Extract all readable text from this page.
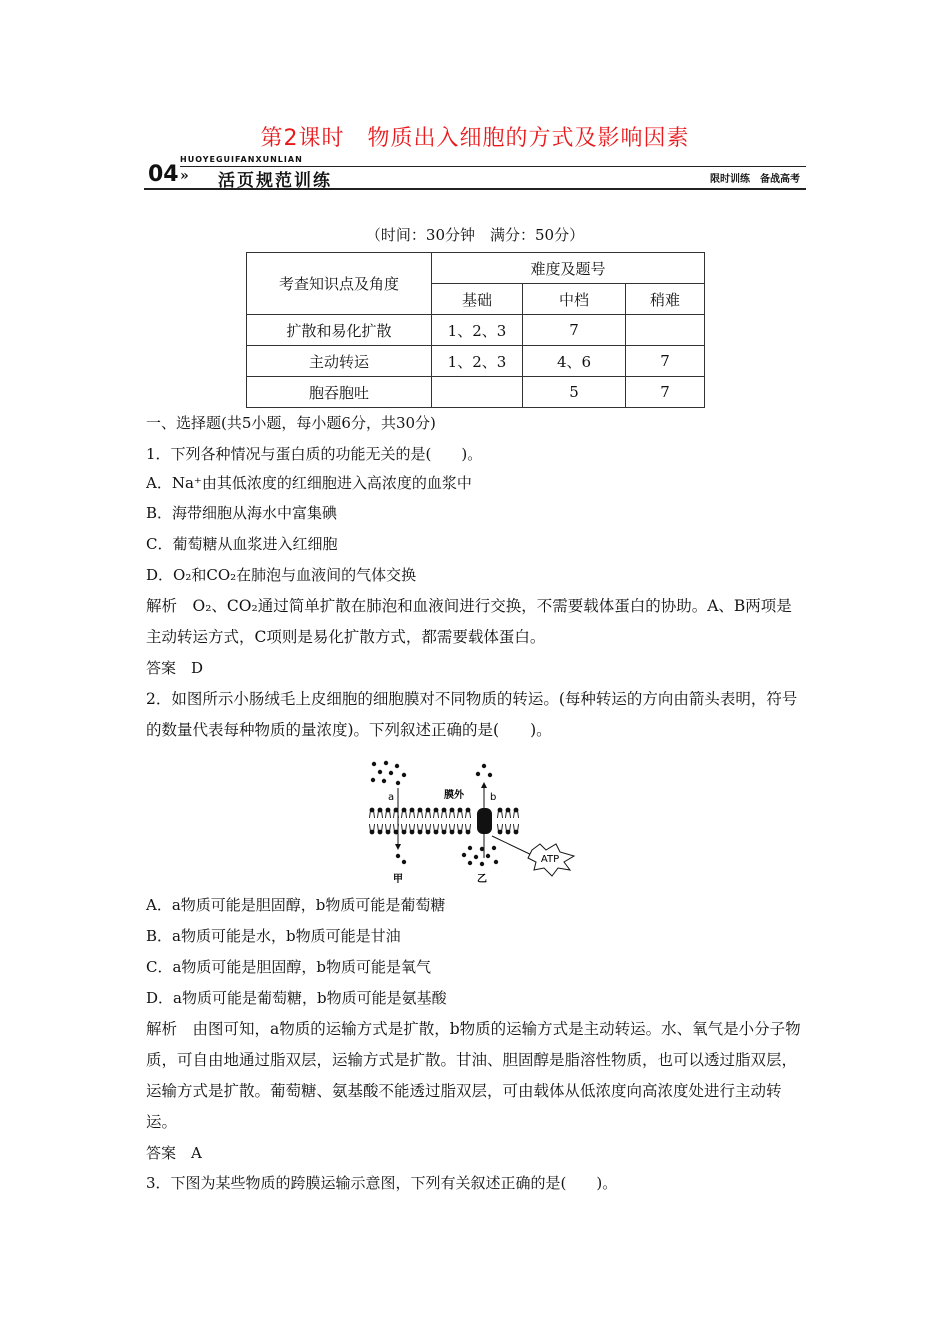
第2课时　物质出入细胞的方式及影响因素
04
HUOYEGUIFANXUNLIAN
» 活页规范训练	限时训练　备战高考
（时间：30分钟　满分：50分）
考查知识点及角度	难度及题号		
	基础	中档	稍难
扩散和易化扩散	1、2、3	7	
主动转运	1、2、3	4、6	7
胞吞胞吐		5	7
一、选择题(共5小题，每小题6分，共30分)
1．下列各种情况与蛋白质的功能无关的是(　　)。
A．Na⁺由其低浓度的红细胞进入高浓度的血浆中
B．海带细胞从海水中富集碘
C．葡萄糖从血浆进入红细胞
D．O₂和CO₂在肺泡与血液间的气体交换
解析　O₂、CO₂通过简单扩散在肺泡和血液间进行交换，不需要载体蛋白的协助。A、B两项是主动转运方式，C项则是易化扩散方式，都需要载体蛋白。
答案　D
2．如图所示小肠绒毛上皮细胞的细胞膜对不同物质的转运。(每种转运的方向由箭头表明，符号的数量代表每种物质的量浓度)。下列叙述正确的是(　　)。
a	膜外	b
甲	乙
ATP
A．a物质可能是胆固醇，b物质可能是葡萄糖
B．a物质可能是水，b物质可能是甘油
C．a物质可能是胆固醇，b物质可能是氧气
D．a物质可能是葡萄糖，b物质可能是氨基酸
解析　由图可知，a物质的运输方式是扩散，b物质的运输方式是主动转运。水、氧气是小分子物质，可自由地通过脂双层，运输方式是扩散。甘油、胆固醇是脂溶性物质，也可以透过脂双层，运输方式是扩散。葡萄糖、氨基酸不能透过脂双层，可由载体从低浓度向高浓度处进行主动转运。
答案　A
3．下图为某些物质的跨膜运输示意图，下列有关叙述正确的是(　　)。
